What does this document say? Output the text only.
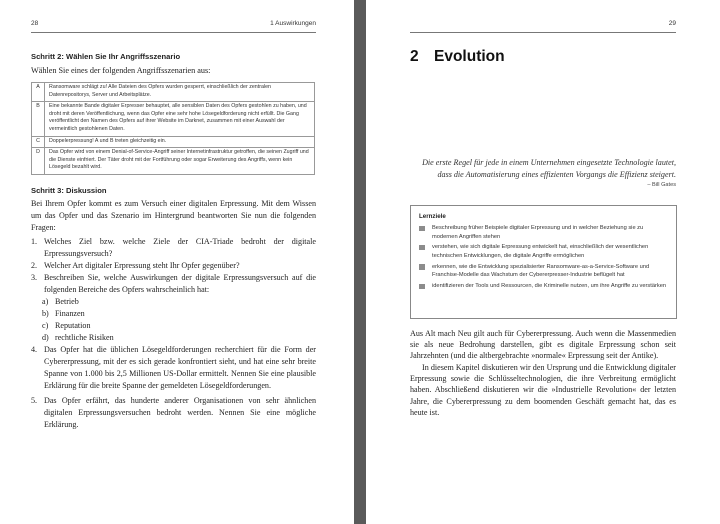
28	1 Auswirkungen
Schritt 2: Wählen Sie Ihr Angriffsszenario
Wählen Sie eines der folgenden Angriffsszenarien aus:
A	Ransomware schlägt zu! Alle Dateien des Opfers wurden gesperrt, einschließlich der zentralen Datenrepositorys, Server und Arbeitsplätze.
B	Eine bekannte Bande digitaler Erpresser behauptet, alle sensiblen Daten des Opfers gestohlen zu haben, und droht mit deren Veröffentlichung, wenn das Opfer eine sehr hohe Lösegeldforderung nicht erfüllt. Die Gang veröffentlicht den Namen des Opfers auf ihrer Website im Darknet, zusammen mit einer Auswahl der vermeintlich gestohlenen Daten.
C	Doppelerpressung! A und B treten gleichzeitig ein.
D	Das Opfer wird von einem Denial-of-Service-Angriff seiner Internetinfrastruktur getroffen, die seinen Zugriff und die Dienste einfriert. Der Täter droht mit der Fortführung oder sogar Erweiterung des Angriffs, wenn kein Lösegeld bezahlt wird.
Schritt 3: Diskussion
Bei Ihrem Opfer kommt es zum Versuch einer digitalen Erpressung. Mit dem Wissen um das Opfer und das Szenario im Hintergrund beantworten Sie nun die folgenden Fragen:
1. Welches Ziel bzw. welche Ziele der CIA-Triade bedroht der digitale Erpressungsversuch?
2. Welcher Art digitaler Erpressung steht Ihr Opfer gegenüber?
3. Beschreiben Sie, welche Auswirkungen der digitale Erpressungsversuch auf die folgenden Bereiche des Opfers wahrscheinlich hat:
a) Betrieb
b) Finanzen
c) Reputation
d) rechtliche Risiken
4. Das Opfer hat die üblichen Lösegeldforderungen recherchiert für die Form der Cybererpressung, mit der es sich gerade konfrontiert sieht, und hat eine sehr breite Spanne von 1.000 bis 2,5 Millionen US-Dollar ermittelt. Nennen Sie eine plausible Erklärung für die breite Spanne der gemeldeten Lösegeldforderungen.
5. Das Opfer erfährt, das hunderte anderer Organisationen von sehr ähnlichen digitalen Erpressungsversuchen bedroht werden. Nennen Sie eine mögliche Erklärung.
29
2 Evolution
Die erste Regel für jede in einem Unternehmen eingesetzte Technologie lautet,
dass die Automatisierung eines effizienten Vorgangs die Effizienz steigert.
– Bill Gates
Lernziele
Beschreibung früher Beispiele digitaler Erpressung und in welcher Beziehung sie zu modernen Angriffen stehen
verstehen, wie sich digitale Erpressung entwickelt hat, einschließlich der wesentlichen technischen Entwicklungen, die digitale Angriffe ermöglichen
erkennen, wie die Entwicklung spezialisierter Ransomware-as-a-Service-Software und Franchise-Modelle das Wachstum der Cybererpresser-Industrie beflügelt hat
identifizieren der Tools und Ressourcen, die Kriminelle nutzen, um ihre Angriffe zu verstärken
Aus Alt mach Neu gilt auch für Cybererpressung. Auch wenn die Massenmedien sie als neue Bedrohung darstellen, gibt es digitale Erpressung schon seit Jahrzehnten (und die altbergebrachte »normale« Erpressung seit der Antike).
In diesem Kapitel diskutieren wir den Ursprung und die Entwicklung digitaler Erpressung sowie die Schlüsseltechnologien, die ihre Verbreitung ermöglicht haben. Abschließend diskutieren wir die »Industrielle Revolution« der letzten Jahre, die Cybererpressung zu dem boomenden Geschäft gemacht hat, das es heute ist.
